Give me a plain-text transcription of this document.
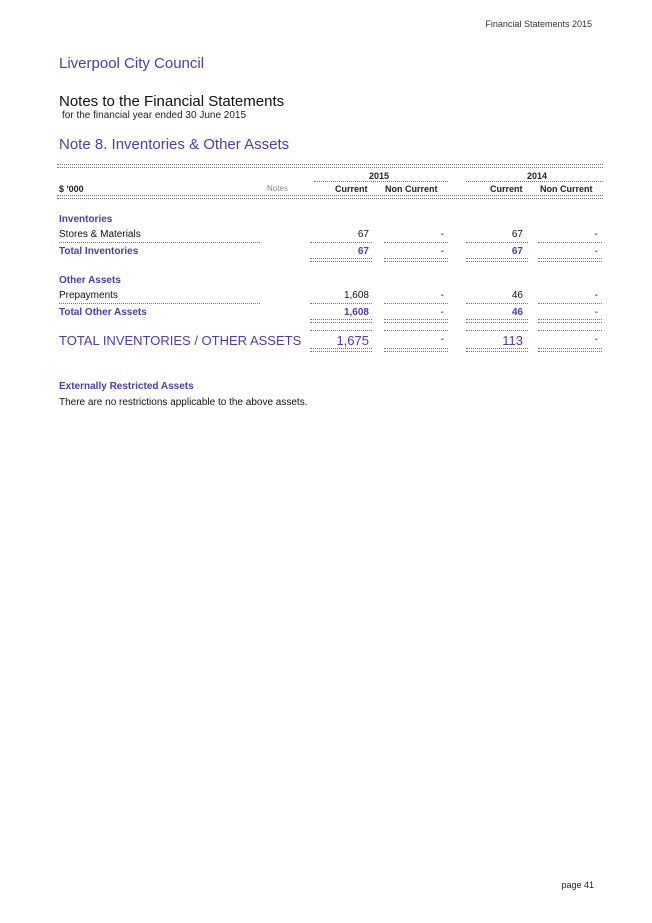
Financial Statements 2015
Liverpool City Council
Notes to the Financial Statements
for the financial year ended 30 June 2015
Note 8. Inventories & Other Assets
2015	2014
$ '000	Notes	Current Non Current	Current Non Current
Inventories
Stores & Materials	67	-	67	-
Total Inventories	67	-	67	-
Other Assets
Prepayments	1,608	-	46	-
Total Other Assets	1,608	-	46	-
TOTAL INVENTORIES / OTHER ASSETS	1,675	-	113	-
Externally Restricted Assets
There are no restrictions applicable to the above assets.
page 41
